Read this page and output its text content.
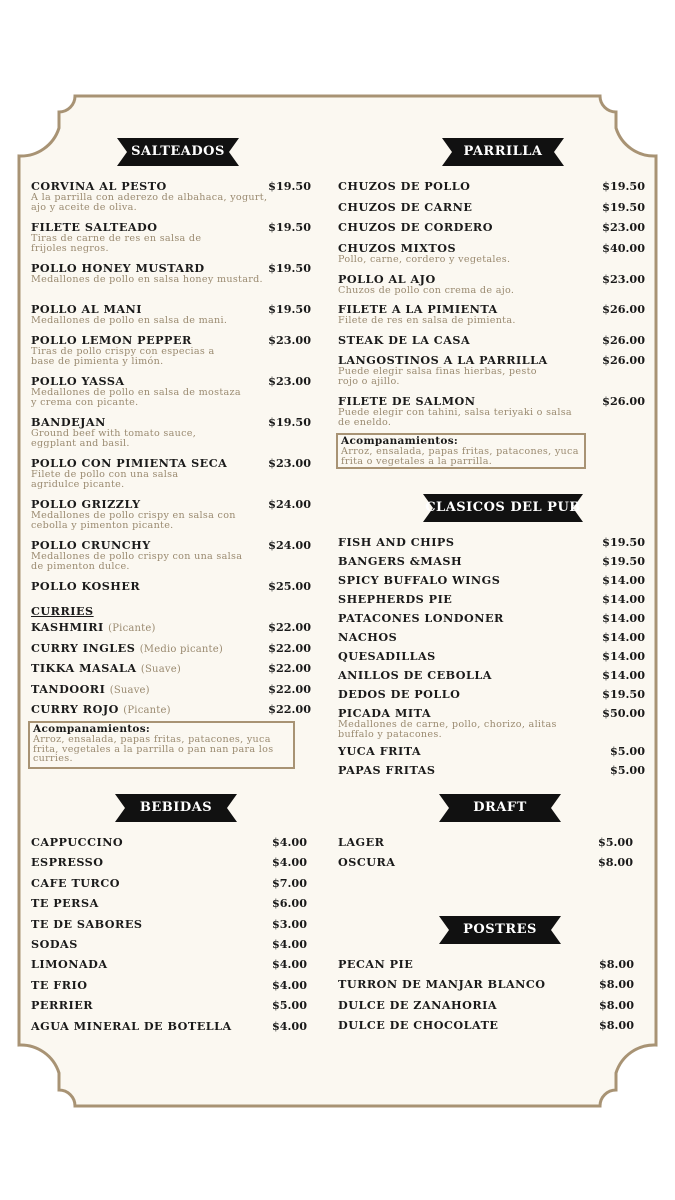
SALTEADOS	PARRILLA
CLASICOS DEL PUB
BEBIDAS	DRAFT
POSTRES
CORVINA AL PESTO	$19.50
A la parrilla con aderezo de albahaca, yogurt, ajo y aceite de oliva.
FILETE SALTEADO	$19.50
Tiras de carne de res en salsa de frijoles negros.
POLLO HONEY MUSTARD	$19.50
Medallones de pollo en salsa honey mustard.
POLLO AL MANI	$19.50
Medallones de pollo en salsa de mani.
POLLO LEMON PEPPER	$23.00
Tiras de pollo crispy con especias a base de pimienta y limón.
POLLO YASSA	$23.00
Medallones de pollo en salsa de mostaza y crema con picante.
BANDEJAN	$19.50
Ground beef with tomato sauce, eggplant and basil.
POLLO CON PIMIENTA SECA	$23.00
Filete de pollo con una salsa agridulce picante.
POLLO GRIZZLY	$24.00
Medallones de pollo crispy en salsa con cebolla y pimenton picante.
POLLO CRUNCHY	$24.00
Medallones de pollo crispy con una salsa de pimenton dulce.
POLLO KOSHER	$25.00
CURRIES
KASHMIRI (Picante)	$22.00
CURRY INGLES (Medio picante)	$22.00
TIKKA MASALA (Suave)	$22.00
TANDOORI (Suave)	$22.00
CURRY ROJO (Picante)	$22.00
Acompanamientos:
Arroz, ensalada, papas fritas, patacones, yuca frita, vegetales a la parrilla o pan nan para los curries.
CHUZOS DE POLLO	$19.50
CHUZOS DE CARNE	$19.50
CHUZOS DE CORDERO	$23.00
CHUZOS MIXTOS	$40.00
Pollo, carne, cordero y vegetales.
POLLO AL AJO	$23.00
Chuzos de pollo con crema de ajo.
FILETE A LA PIMIENTA	$26.00
Filete de res en salsa de pimienta.
STEAK DE LA CASA	$26.00
LANGOSTINOS A LA PARRILLA	$26.00
Puede elegir salsa finas hierbas, pesto rojo o ajillo.
FILETE DE SALMON	$26.00
Puede elegir con tahini, salsa teriyaki o salsa de eneldo.
Acompanamientos:
Arroz, ensalada, papas fritas, patacones, yuca frita o vegetales a la parrilla.
FISH AND CHIPS	$19.50
BANGERS &MASH	$19.50
SPICY BUFFALO WINGS	$14.00
SHEPHERDS PIE	$14.00
PATACONES LONDONER	$14.00
NACHOS	$14.00
QUESADILLAS	$14.00
ANILLOS DE CEBOLLA	$14.00
DEDOS DE POLLO	$19.50
PICADA MITA	$50.00
Medallones de carne, pollo, chorizo, alitas buffalo y patacones.
YUCA FRITA	$5.00
PAPAS FRITAS	$5.00
CAPPUCCINO	$4.00
ESPRESSO	$4.00
CAFE TURCO	$7.00
TE PERSA	$6.00
TE DE SABORES	$3.00
SODAS	$4.00
LIMONADA	$4.00
TE FRIO	$4.00
PERRIER	$5.00
AGUA MINERAL DE BOTELLA	$4.00
LAGER	$5.00
OSCURA	$8.00
PECAN PIE	$8.00
TURRON DE MANJAR BLANCO	$8.00
DULCE DE ZANAHORIA	$8.00
DULCE DE CHOCOLATE	$8.00
